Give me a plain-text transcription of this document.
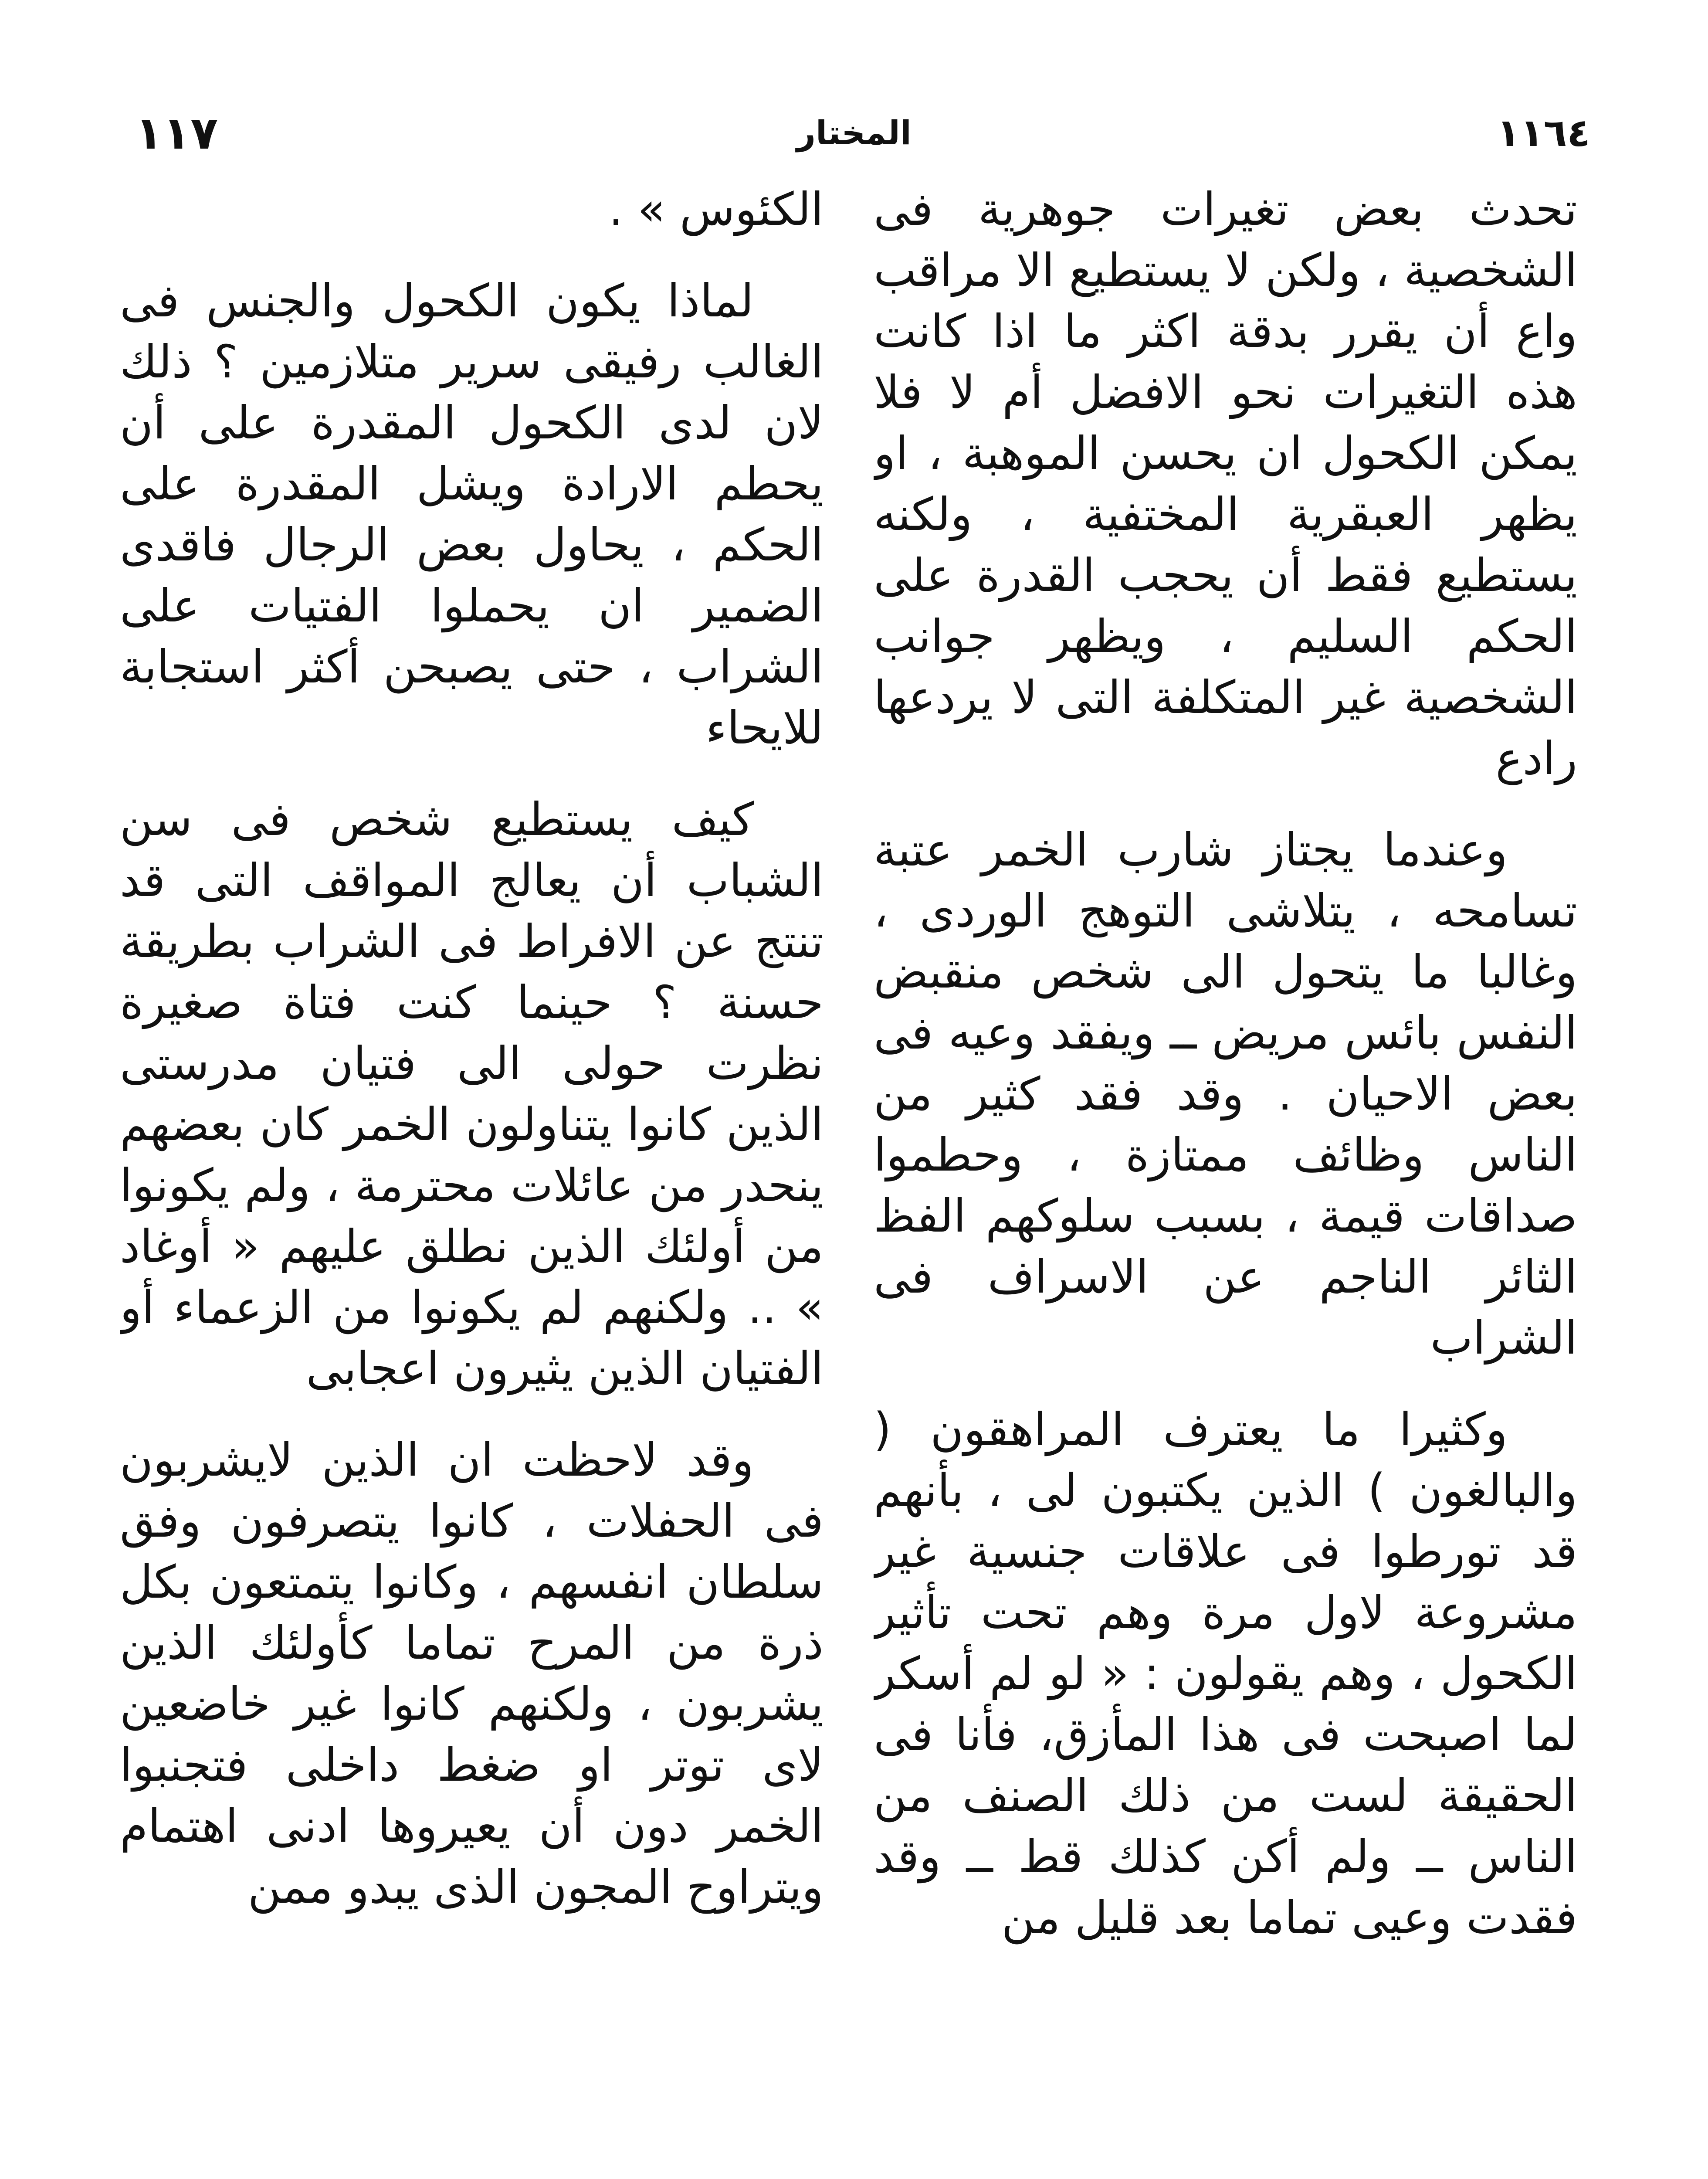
١١٦٤
المختار
١١٧

تحدث بعض تغيرات جوهرية فى الشخصية ، ولكن لا يستطيع الا مراقب واع أن يقرر بدقة اكثر ما اذا كانت هذه التغيرات نحو الافضل أم لا فلا يمكن الكحول ان يحسن الموهبة ، او يظهر العبقرية المختفية ، ولكنه يستطيع فقط أن يحجب القدرة على الحكم السليم ، ويظهر جوانب الشخصية غير المتكلفة التى لا يردعها رادع

وعندما يجتاز شارب الخمر عتبة تسامحه ، يتلاشى التوهج الوردى ، وغالبا ما يتحول الى شخص منقبض النفس بائس مريض ــ ويفقد وعيه فى بعض الاحيان . وقد فقد كثير من الناس وظائف ممتازة ، وحطموا صداقات قيمة ، بسبب سلوكهم الفظ الثائر الناجم عن الاسراف فى الشراب

وكثيرا ما يعترف المراهقون ( والبالغون ) الذين يكتبون لى ، بأنهم قد تورطوا فى علاقات جنسية غير مشروعة لاول مرة وهم تحت تأثير الكحول ، وهم يقولون : « لو لم أسكر لما اصبحت فى هذا المأزق، فأنا فى الحقيقة لست من ذلك الصنف من الناس ــ ولم أكن كذلك قط ــ وقد فقدت وعيى تماما بعد قليل من

الكئوس » .

لماذا يكون الكحول والجنس فى الغالب رفيقى سرير متلازمين ؟ ذلك لان لدى الكحول المقدرة على أن يحطم الارادة ويشل المقدرة على الحكم ، يحاول بعض الرجال فاقدى الضمير ان يحملوا الفتيات على الشراب ، حتى يصبحن أكثر استجابة للايحاء

كيف يستطيع شخص فى سن الشباب أن يعالج المواقف التى قد تنتج عن الافراط فى الشراب بطريقة حسنة ؟ حينما كنت فتاة صغيرة نظرت حولى الى فتيان مدرستى الذين كانوا يتناولون الخمر كان بعضهم ينحدر من عائلات محترمة ، ولم يكونوا من أولئك الذين نطلق عليهم « أوغاد » .. ولكنهم لم يكونوا من الزعماء أو الفتيان الذين يثيرون اعجابى

وقد لاحظت ان الذين لايشربون فى الحفلات ، كانوا يتصرفون وفق سلطان انفسهم ، وكانوا يتمتعون بكل ذرة من المرح تماما كأولئك الذين يشربون ، ولكنهم كانوا غير خاضعين لاى توتر او ضغط داخلى فتجنبوا الخمر دون أن يعيروها ادنى اهتمام ويتراوح المجون الذى يبدو ممن
